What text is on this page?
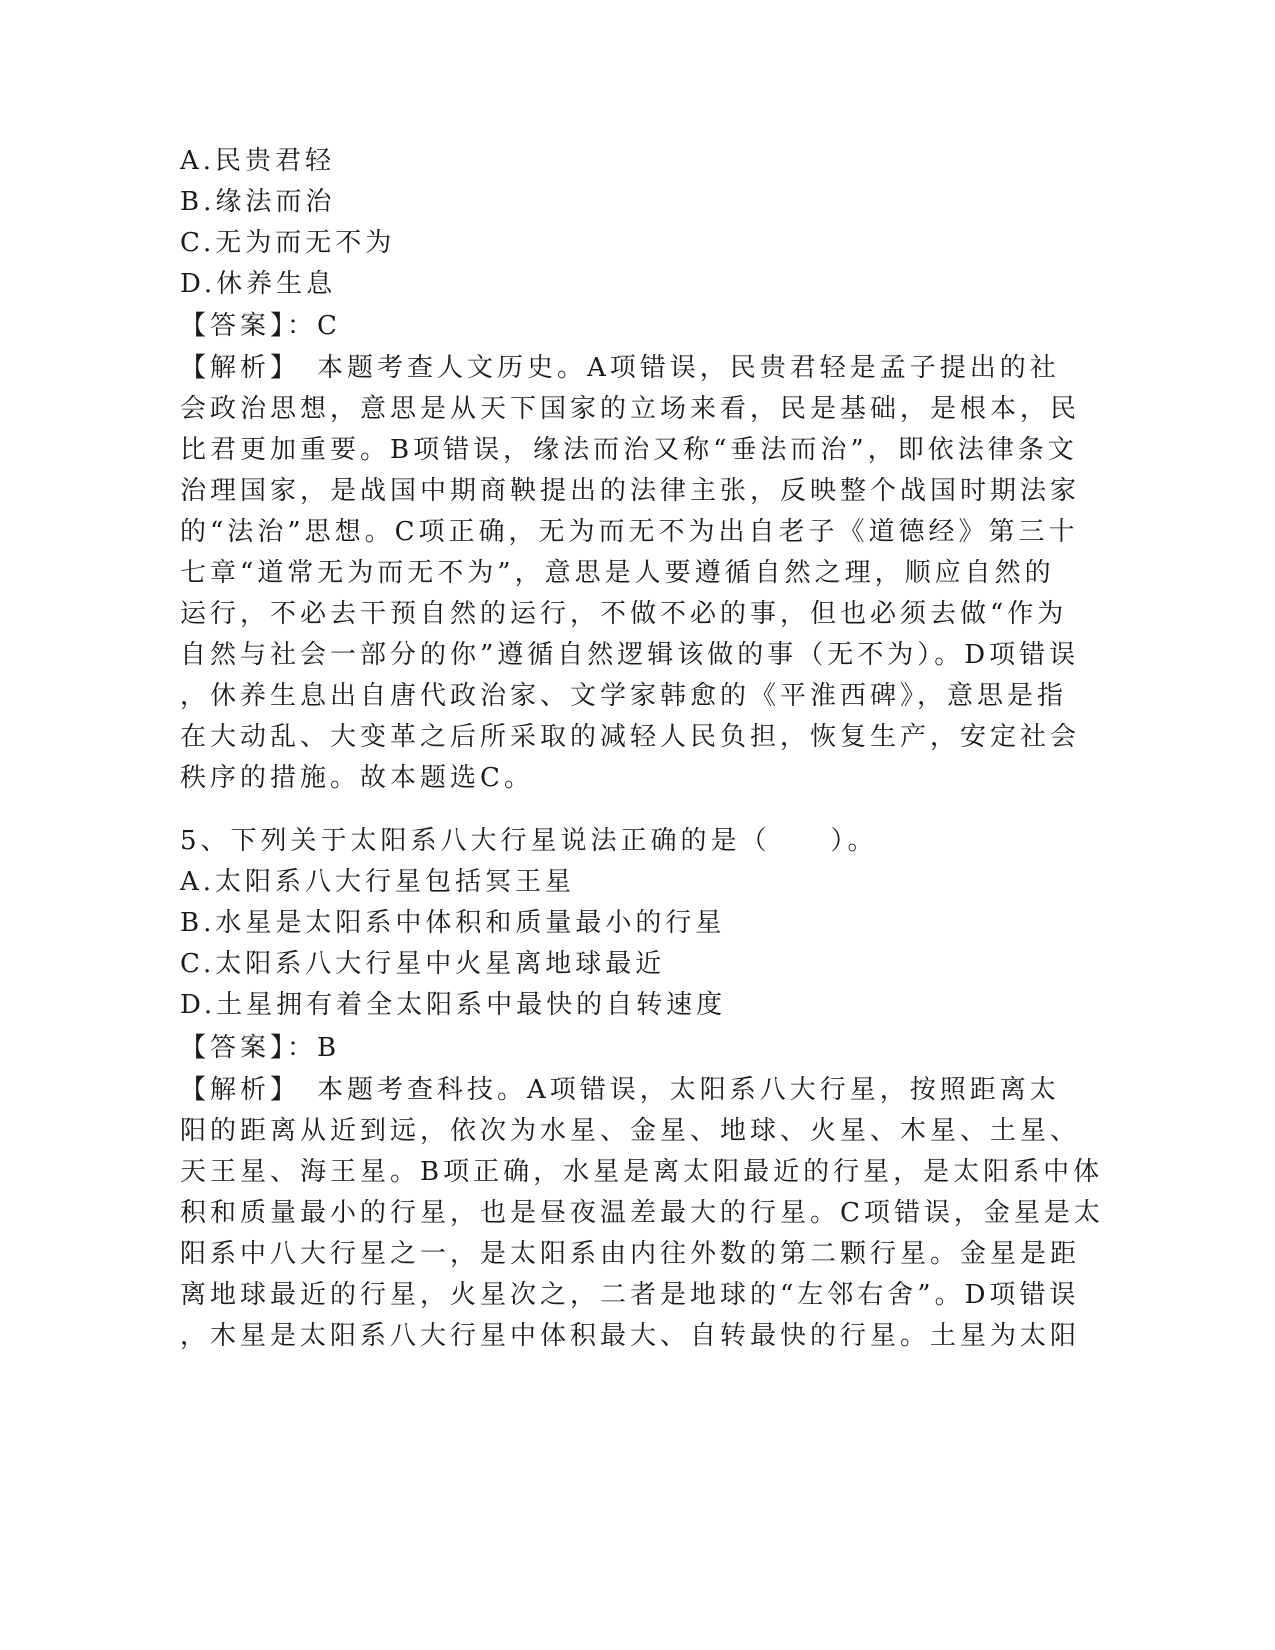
A.民贵君轻
B.缘法而治
C.无为而无不为
D.休养生息
【答案】：C
【解析】　本题考查人文历史。A项错误，民贵君轻是孟子提出的社
会政治思想，意思是从天下国家的立场来看，民是基础，是根本，民
比君更加重要。B项错误，缘法而治又称“垂法而治”，即依法律条文
治理国家，是战国中期商鞅提出的法律主张，反映整个战国时期法家
的“法治”思想。C项正确，无为而无不为出自老子《道德经》第三十
七章“道常无为而无不为”，意思是人要遵循自然之理，顺应自然的
运行，不必去干预自然的运行，不做不必的事，但也必须去做“作为
自然与社会一部分的你”遵循自然逻辑该做的事（无不为）。D项错误
，休养生息出自唐代政治家、文学家韩愈的《平淮西碑》，意思是指
在大动乱、大变革之后所采取的减轻人民负担，恢复生产，安定社会
秩序的措施。故本题选C。
5、下列关于太阳系八大行星说法正确的是（　　）。
A.太阳系八大行星包括冥王星
B.水星是太阳系中体积和质量最小的行星
C.太阳系八大行星中火星离地球最近
D.土星拥有着全太阳系中最快的自转速度
【答案】：B
【解析】　本题考查科技。A项错误，太阳系八大行星，按照距离太
阳的距离从近到远，依次为水星、金星、地球、火星、木星、土星、
天王星、海王星。B项正确，水星是离太阳最近的行星，是太阳系中体
积和质量最小的行星，也是昼夜温差最大的行星。C项错误，金星是太
阳系中八大行星之一，是太阳系由内往外数的第二颗行星。金星是距
离地球最近的行星，火星次之，二者是地球的“左邻右舍”。D项错误
，木星是太阳系八大行星中体积最大、自转最快的行星。土星为太阳
